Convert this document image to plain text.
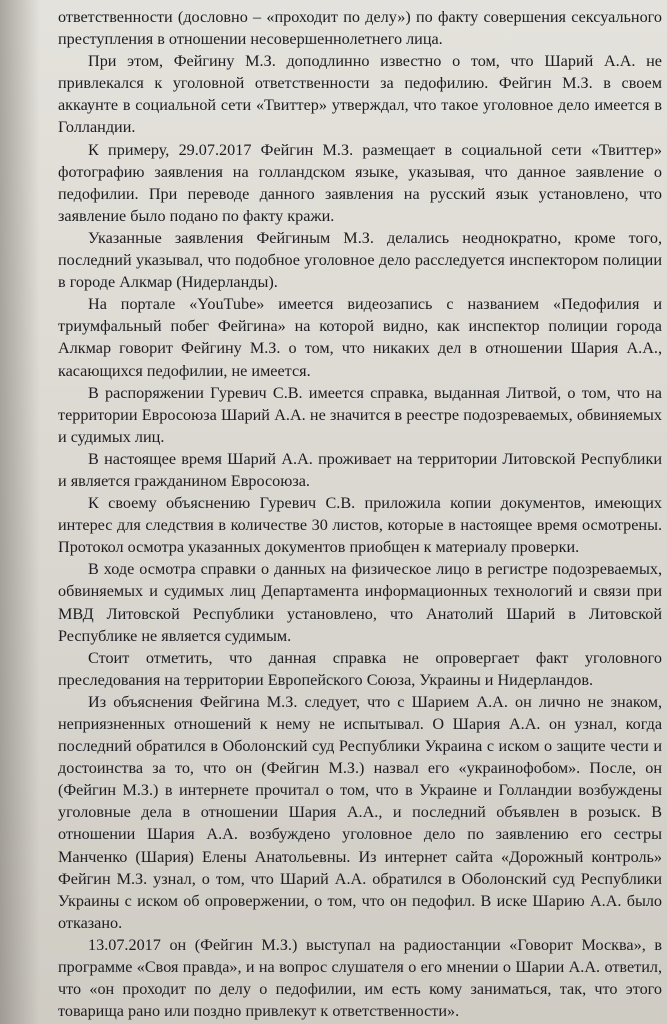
ответственности (дословно – «проходит по делу») по факту совершения сексуального преступления в отношении несовершеннолетнего лица.

При этом, Фейгину М.З. доподлинно известно о том, что Шарий А.А. не привлекался к уголовной ответственности за педофилию. Фейгин М.З. в своем аккаунте в социальной сети «Твиттер» утверждал, что такое уголовное дело имеется в Голландии.

К примеру, 29.07.2017 Фейгин М.З. размещает в социальной сети «Твиттер» фотографию заявления на голландском языке, указывая, что данное заявление о педофилии. При переводе данного заявления на русский язык установлено, что заявление было подано по факту кражи.

Указанные заявления Фейгиным М.З. делались неоднократно, кроме того, последний указывал, что подобное уголовное дело расследуется инспектором полиции в городе Алкмар (Нидерланды).

На портале «YouTube» имеется видеозапись с названием «Педофилия и триумфальный побег Фейгина» на которой видно, как инспектор полиции города Алкмар говорит Фейгину М.З. о том, что никаких дел в отношении Шария А.А., касающихся педофилии, не имеется.

В распоряжении Гуревич С.В. имеется справка, выданная Литвой, о том, что на территории Евросоюза Шарий А.А. не значится в реестре подозреваемых, обвиняемых и судимых лиц.

В настоящее время Шарий А.А. проживает на территории Литовской Республики и является гражданином Евросоюза.

К своему объяснению Гуревич С.В. приложила копии документов, имеющих интерес для следствия в количестве 30 листов, которые в настоящее время осмотрены. Протокол осмотра указанных документов приобщен к материалу проверки.

В ходе осмотра справки о данных на физическое лицо в регистре подозреваемых, обвиняемых и судимых лиц Департамента информационных технологий и связи при МВД Литовской Республики установлено, что Анатолий Шарий в Литовской Республике не является судимым.

Стоит отметить, что данная справка не опровергает факт уголовного преследования на территории Европейского Союза, Украины и Нидерландов.

Из объяснения Фейгина М.З. следует, что с Шарием А.А. он лично не знаком, неприязненных отношений к нему не испытывал. О Шария А.А. он узнал, когда последний обратился в Оболонский суд Республики Украина с иском о защите чести и достоинства за то, что он (Фейгин М.З.) назвал его «украинофобом». После, он (Фейгин М.З.) в интернете прочитал о том, что в Украине и Голландии возбуждены уголовные дела в отношении Шария А.А., и последний объявлен в розыск. В отношении Шария А.А. возбуждено уголовное дело по заявлению его сестры Манченко (Шария) Елены Анатольевны. Из интернет сайта «Дорожный контроль» Фейгин М.З. узнал, о том, что Шарий А.А. обратился в Оболонский суд Республики Украины с иском об опровержении, о том, что он педофил. В иске Шарию А.А. было отказано.

13.07.2017 он (Фейгин М.З.) выступал на радиостанции «Говорит Москва», в программе «Своя правда», и на вопрос слушателя о его мнении о Шарии А.А. ответил, что «он проходит по делу о педофилии, им есть кому заниматься, так, что этого товарища рано или поздно привлекут к ответственности».
